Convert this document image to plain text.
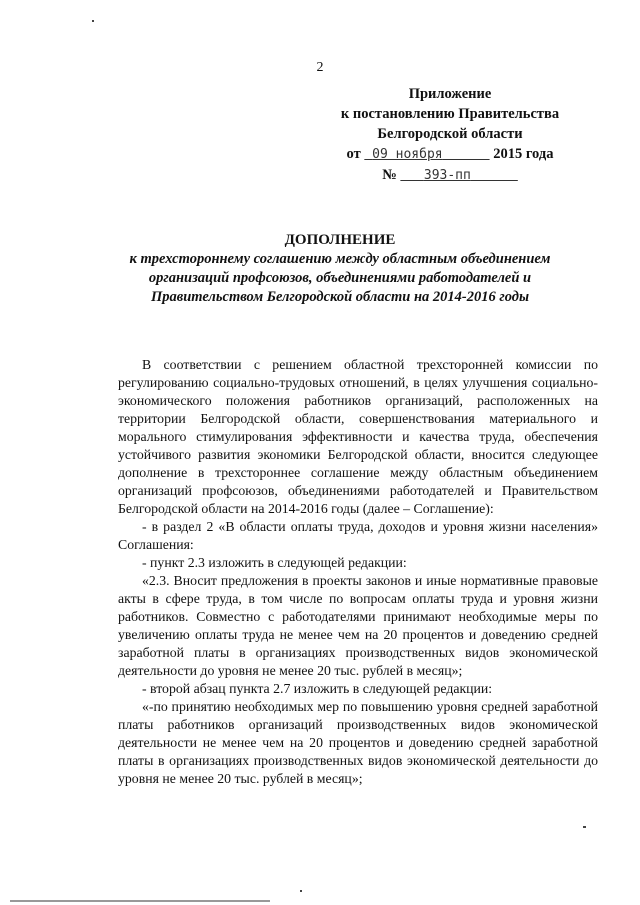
2
Приложение
к постановлению Правительства
Белгородской области
от 09 ноября	2015 года
№ 393-пп
ДОПОЛНЕНИЕ
к трехстороннему соглашению между областным объединением
организаций профсоюзов, объединениями работодателей и
Правительством Белгородской области на 2014-2016 годы

В соответствии с решением областной трехсторонней комиссии по регулированию социально-трудовых отношений, в целях улучшения социально-экономического положения работников организаций, расположенных на территории Белгородской области, совершенствования материального и морального стимулирования эффективности и качества труда, обеспечения устойчивого развития экономики Белгородской области, вносится следующее дополнение в трехстороннее соглашение между областным объединением организаций профсоюзов, объединениями работодателей и Правительством Белгородской области на 2014-2016 годы (далее – Соглашение):

- в раздел 2 «В области оплаты труда, доходов и уровня жизни населения» Соглашения:

- пункт 2.3 изложить в следующей редакции:

«2.3. Вносит предложения в проекты законов и иные нормативные правовые акты в сфере труда, в том числе по вопросам оплаты труда и уровня жизни работников. Совместно с работодателями принимают необходимые меры по увеличению оплаты труда не менее чем на 20 процентов и доведению средней заработной платы в организациях производственных видов экономической деятельности до уровня не менее 20 тыс. рублей в месяц»;

- второй абзац пункта 2.7 изложить в следующей редакции:

«-по принятию необходимых мер по повышению уровня средней заработной платы работников организаций производственных видов экономической деятельности не менее чем на 20 процентов и доведению средней заработной платы в организациях производственных видов экономической деятельности до уровня не менее 20 тыс. рублей в месяц»;
